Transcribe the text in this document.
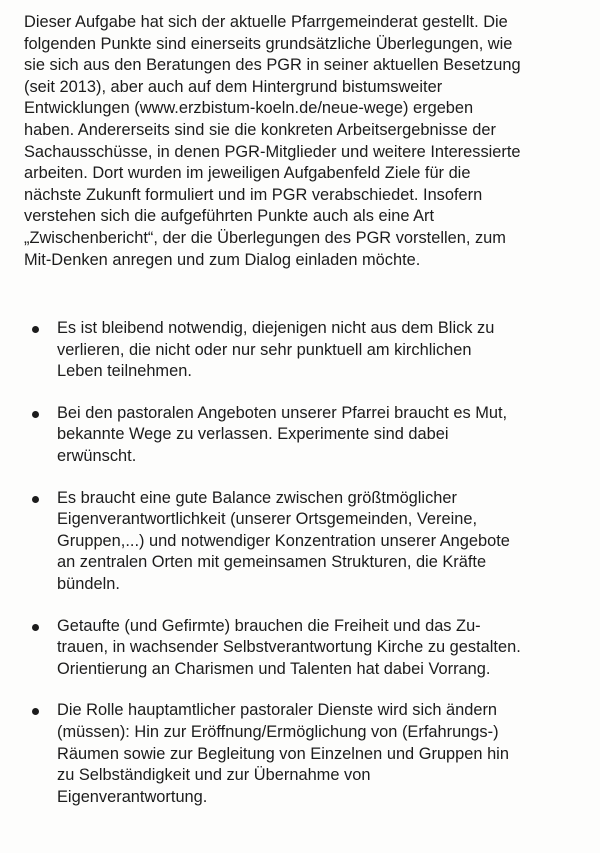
Dieser Aufgabe hat sich der aktuelle Pfarrgemeinderat gestellt. Die
folgenden Punkte sind einerseits grundsätzliche Überlegungen, wie
sie sich aus den Beratungen des PGR in seiner aktuellen Besetzung
(seit 2013), aber auch auf dem Hintergrund bistumsweiter
Entwicklungen (www.erzbistum-koeln.de/neue-wege) ergeben
haben. Andererseits sind sie die konkreten Arbeitsergebnisse der
Sachausschüsse, in denen PGR-Mitglieder und weitere Interessierte
arbeiten. Dort wurden im jeweiligen Aufgabenfeld Ziele für die
nächste Zukunft formuliert und im PGR verabschiedet. Insofern
verstehen sich die aufgeführten Punkte auch als eine Art
„Zwischenbericht“, der die Überlegungen des PGR vorstellen, zum
Mit-Denken anregen und zum Dialog einladen möchte.

Es ist bleibend notwendig, diejenigen nicht aus dem Blick zu
verlieren, die nicht oder nur sehr punktuell am kirchlichen
Leben teilnehmen.
Bei den pastoralen Angeboten unserer Pfarrei braucht es Mut,
bekannte Wege zu verlassen. Experimente sind dabei
erwünscht.
Es braucht eine gute Balance zwischen größtmöglicher
Eigenverantwortlichkeit (unserer Ortsgemeinden, Vereine,
Gruppen,...) und notwendiger Konzentration unserer Angebote
an zentralen Orten mit gemeinsamen Strukturen, die Kräfte
bündeln.
Getaufte (und Gefirmte) brauchen die Freiheit und das Zu-
trauen, in wachsender Selbstverantwortung Kirche zu gestalten.
Orientierung an Charismen und Talenten hat dabei Vorrang.
Die Rolle hauptamtlicher pastoraler Dienste wird sich ändern
(müssen): Hin zur Eröffnung/Ermöglichung von (Erfahrungs-)
Räumen sowie zur Begleitung von Einzelnen und Gruppen hin
zu Selbständigkeit und zur Übernahme von
Eigenverantwortung.
